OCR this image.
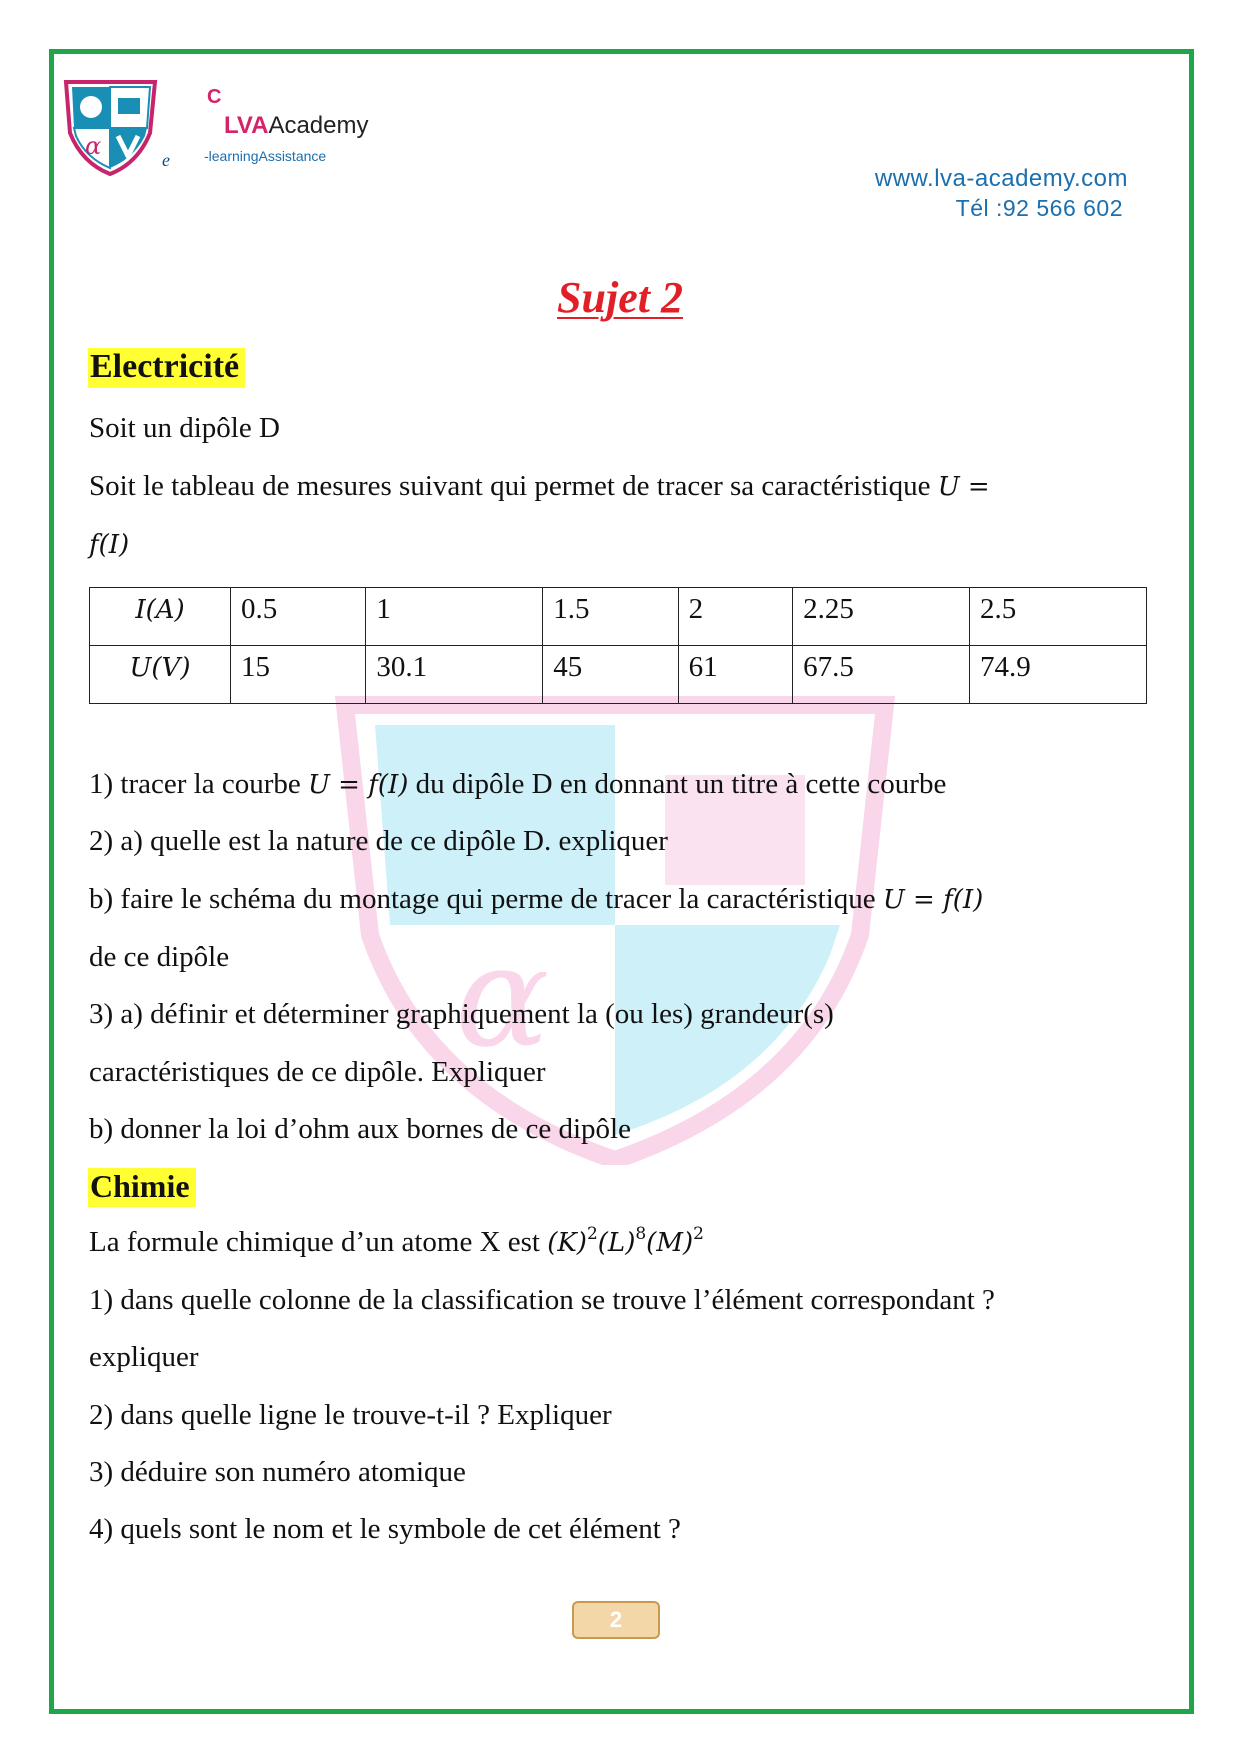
α
C
LVAAcademy
e -learningAssistance
www.lva-academy.com
Tél :92 566 602
α
Sujet 2
Electricité
Soit un dipôle D
Soit le tableau de mesures suivant qui permet de tracer sa caractéristique U =
f(I)
I(A)	0.5	1	1.5	2	2.25	2.5
U(V)	15	30.1	45	61	67.5	74.9
1) tracer la courbe U = f(I) du dipôle D en donnant un titre à cette courbe
2) a) quelle est la nature de ce dipôle D. expliquer
b) faire le schéma du montage qui perme de tracer la caractéristique U = f(I)
de ce dipôle
3) a) définir et déterminer graphiquement la (ou les) grandeur(s)
caractéristiques de ce dipôle. Expliquer
b) donner la loi d’ohm aux bornes de ce dipôle
Chimie
La formule chimique d’un atome X est $(K)^2(L)^8(M)^2$
1) dans quelle colonne de la classification se trouve l’élément correspondant ?
expliquer
2) dans quelle ligne le trouve-t-il ? Expliquer
3) déduire son numéro atomique
4) quels sont le nom et le symbole de cet élément ?
2
